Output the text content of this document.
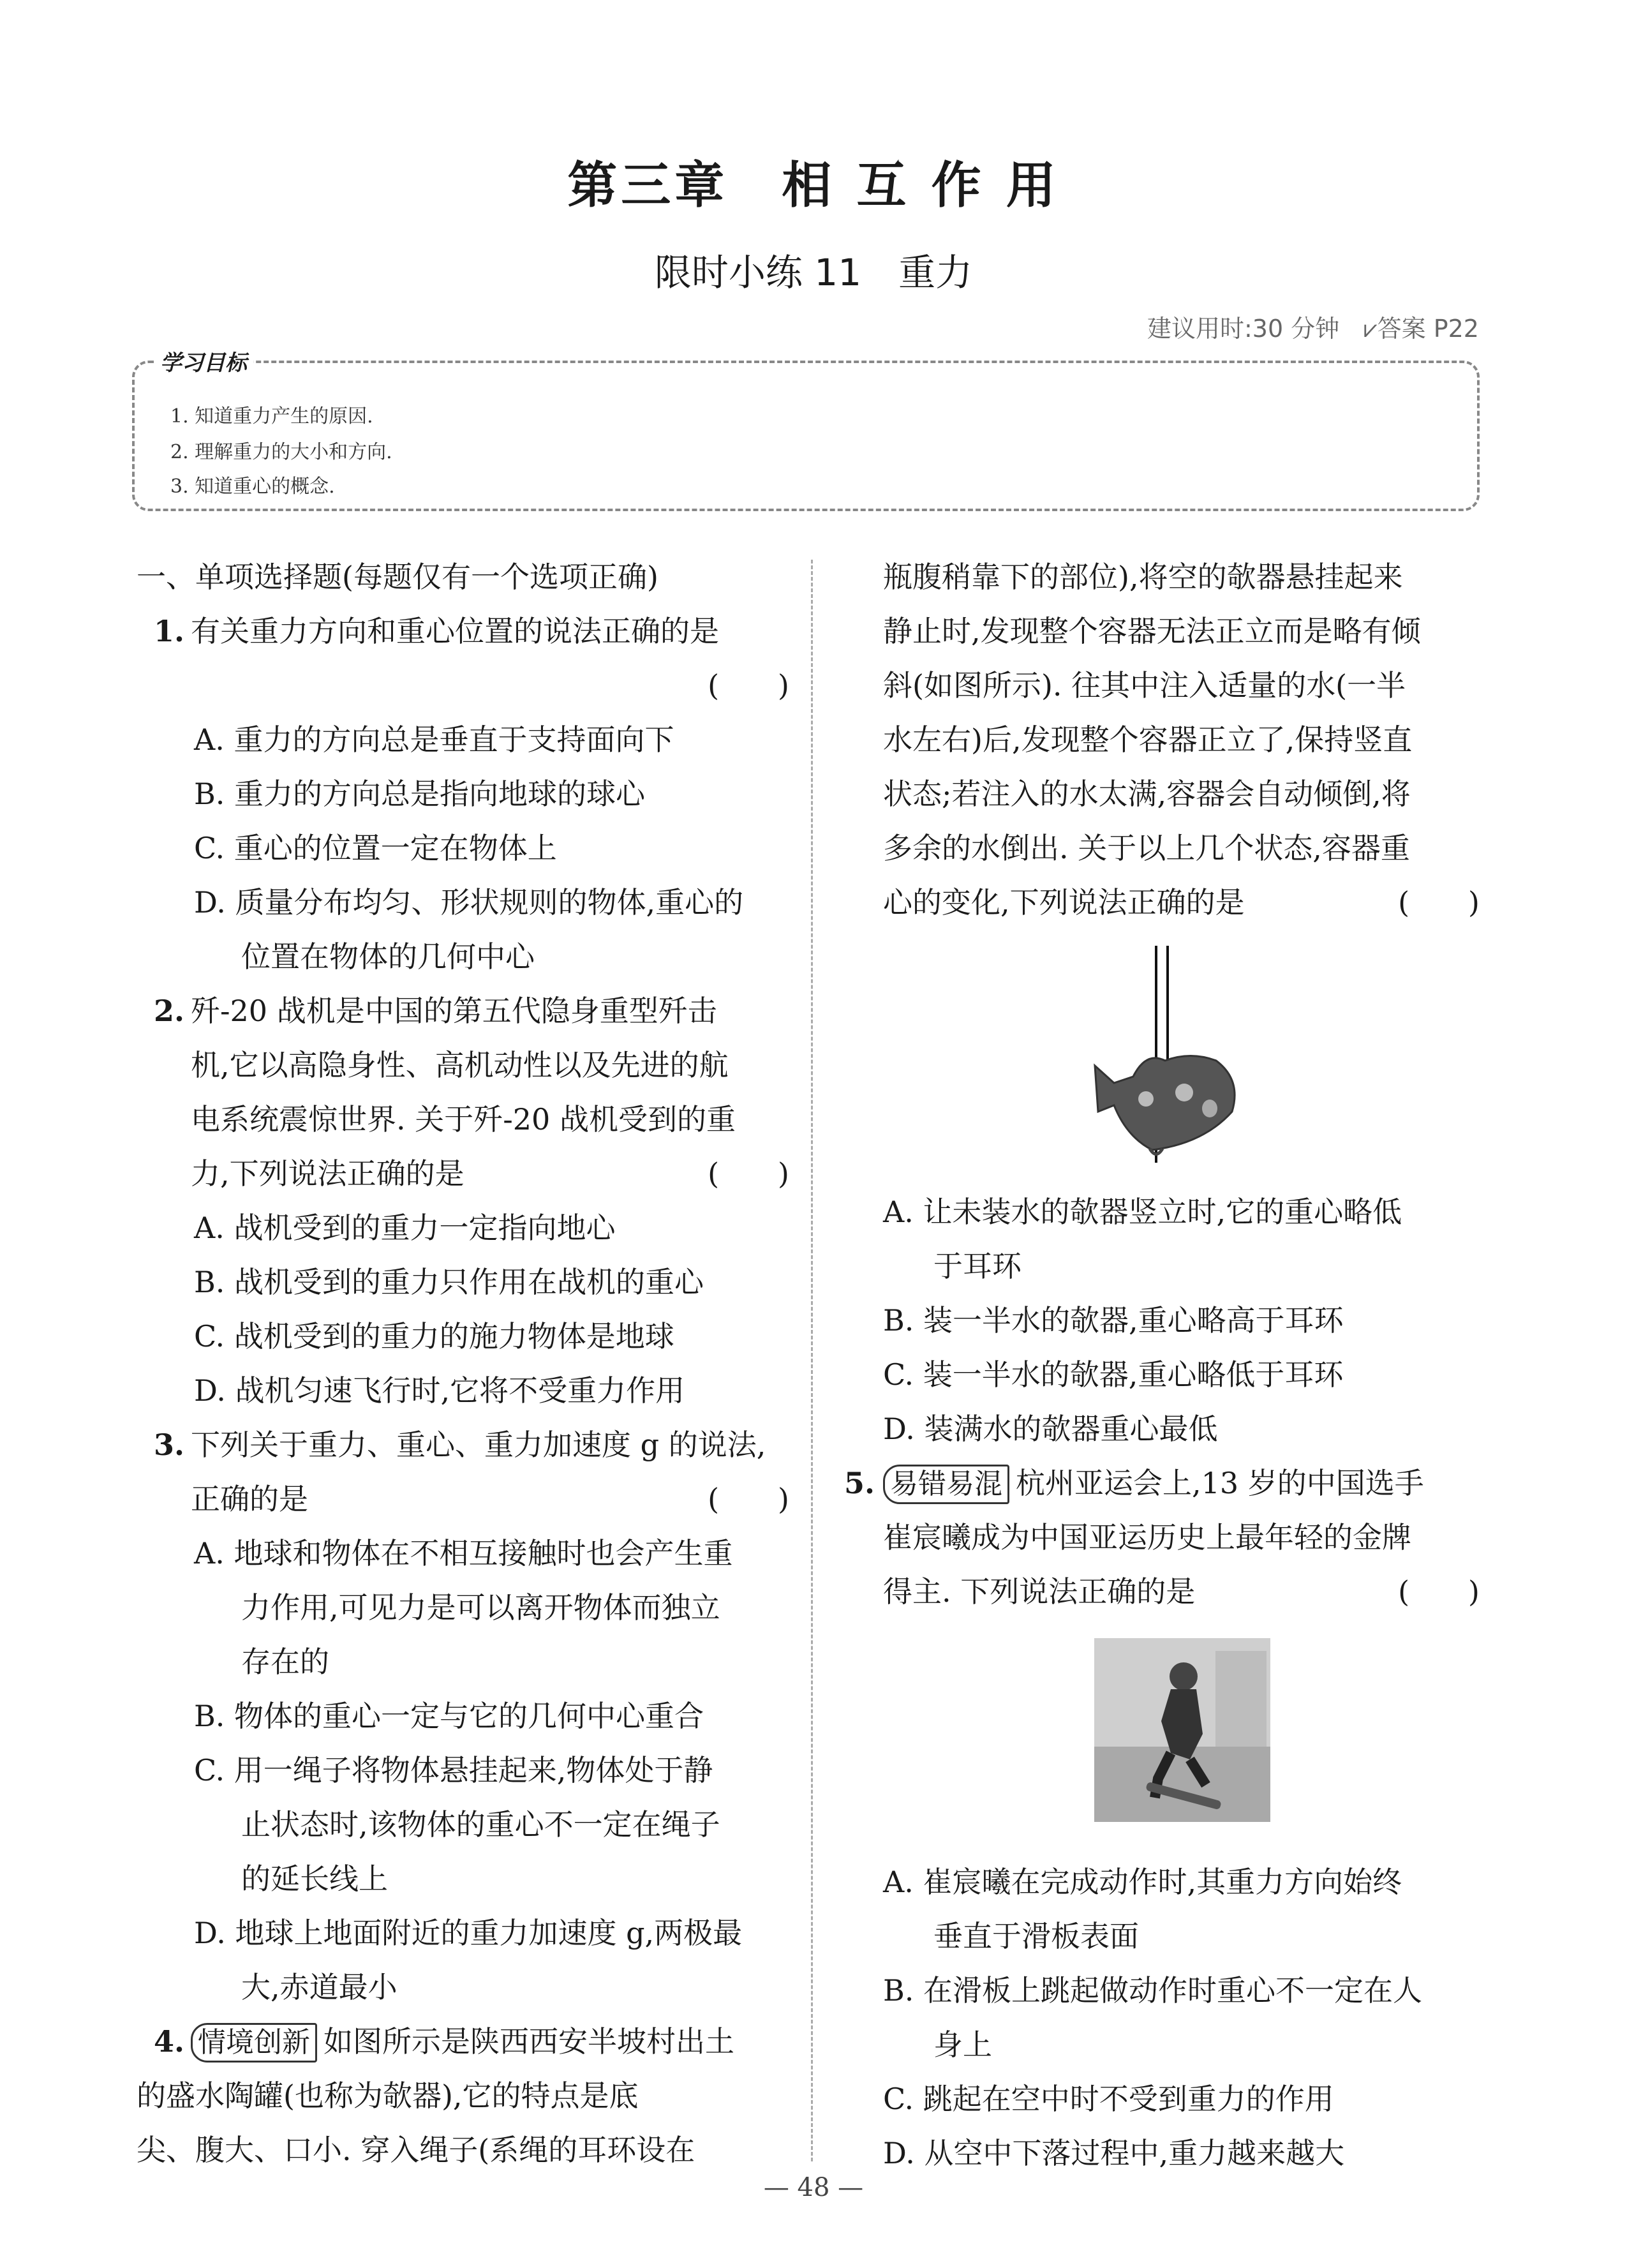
第三章　相 互 作 用
限时小练 11　重力
建议用时:30 分钟　⩗答案 P22
学习目标
1. 知道重力产生的原因.
2. 理解重力的大小和方向.
3. 知道重心的概念.
一、单项选择题(每题仅有一个选项正确)
1. 有关重力方向和重心位置的说法正确的是
(　　)
A. 重力的方向总是垂直于支持面向下
B. 重力的方向总是指向地球的球心
C. 重心的位置一定在物体上
D. 质量分布均匀、形状规则的物体,重心的
位置在物体的几何中心
2. 歼-20 战机是中国的第五代隐身重型歼击
机,它以高隐身性、高机动性以及先进的航
电系统震惊世界. 关于歼-20 战机受到的重
力,下列说法正确的是	(　　)
A. 战机受到的重力一定指向地心
B. 战机受到的重力只作用在战机的重心
C. 战机受到的重力的施力物体是地球
D. 战机匀速飞行时,它将不受重力作用
3. 下列关于重力、重心、重力加速度 g 的说法,
正确的是	(　　)
A. 地球和物体在不相互接触时也会产生重
力作用,可见力是可以离开物体而独立
存在的
B. 物体的重心一定与它的几何中心重合
C. 用一绳子将物体悬挂起来,物体处于静
止状态时,该物体的重心不一定在绳子
的延长线上
D. 地球上地面附近的重力加速度 g,两极最
大,赤道最小
4. 情境创新 如图所示是陕西西安半坡村出土
的盛水陶罐(也称为欹器),它的特点是底
尖、腹大、口小. 穿入绳子(系绳的耳环设在
瓶腹稍靠下的部位),将空的欹器悬挂起来
静止时,发现整个容器无法正立而是略有倾
斜(如图所示). 往其中注入适量的水(一半
水左右)后,发现整个容器正立了,保持竖直
状态;若注入的水太满,容器会自动倾倒,将
多余的水倒出. 关于以上几个状态,容器重
心的变化,下列说法正确的是	(　　)
A. 让未装水的欹器竖立时,它的重心略低
于耳环
B. 装一半水的欹器,重心略高于耳环
C. 装一半水的欹器,重心略低于耳环
D. 装满水的欹器重心最低
5. 易错易混 杭州亚运会上,13 岁的中国选手
崔宸曦成为中国亚运历史上最年轻的金牌
得主. 下列说法正确的是	(　　)
A. 崔宸曦在完成动作时,其重力方向始终
垂直于滑板表面
B. 在滑板上跳起做动作时重心不一定在人
身上
C. 跳起在空中时不受到重力的作用
D. 从空中下落过程中,重力越来越大
— 48 —
